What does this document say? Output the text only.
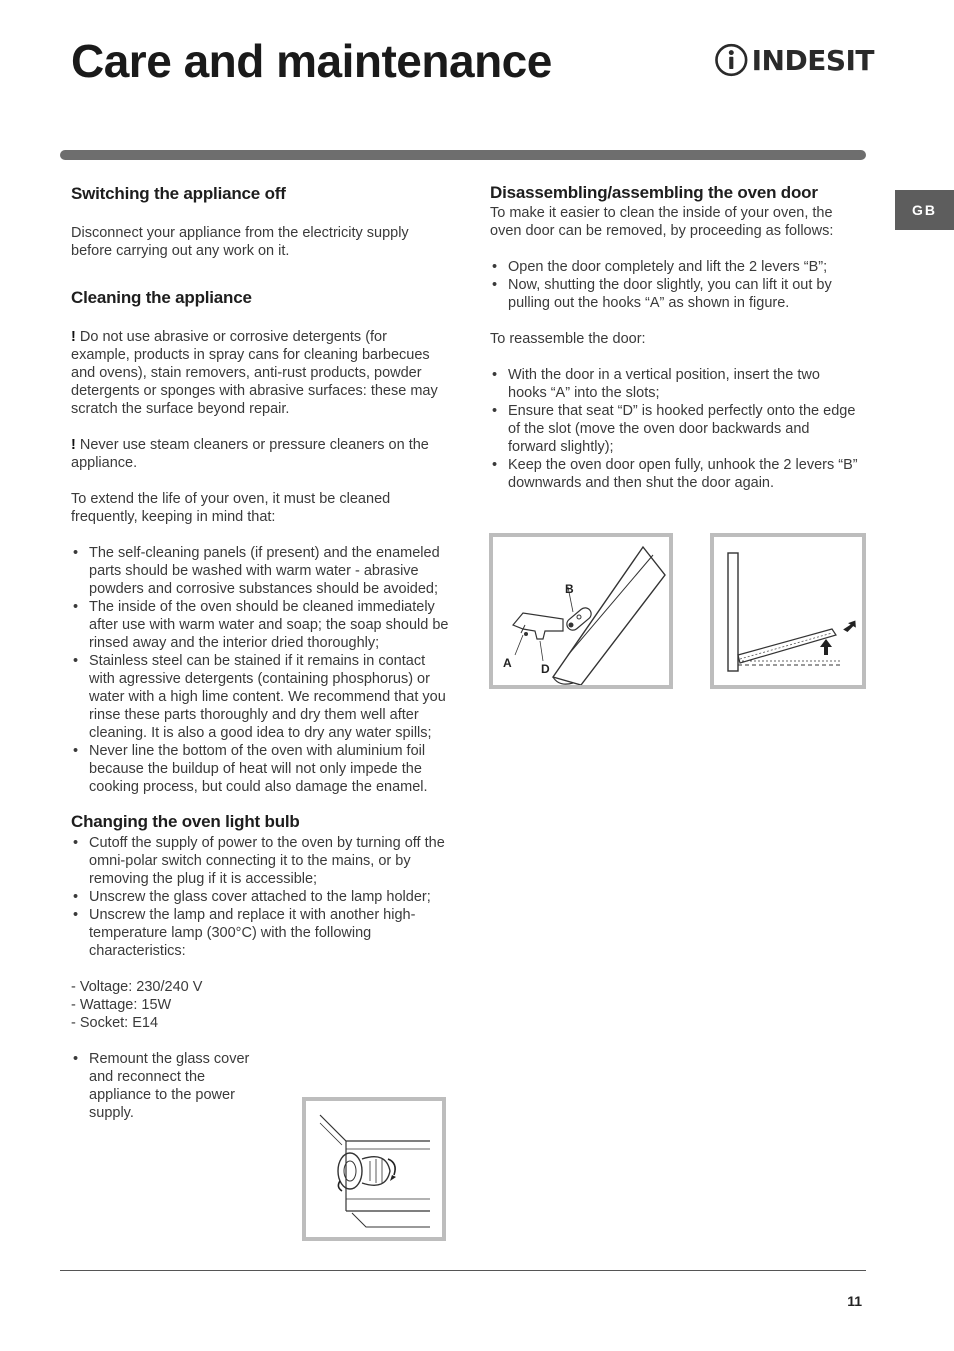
Care and maintenance	INDESIT
GB
Switching the appliance off

Disconnect your appliance from the electricity supply before carrying out any work on it.

Cleaning the appliance

! Do not use abrasive or corrosive detergents (for example, products in spray cans for cleaning barbecues and ovens), stain removers, anti-rust products, powder detergents or sponges with abrasive surfaces: these may scratch the surface beyond repair.

! Never use steam cleaners or pressure cleaners on the appliance.

To extend the life of your oven, it must be cleaned frequently, keeping in mind that:

• The self-cleaning panels (if present) and the enameled parts should be washed with warm water - abrasive powders and corrosive substances should be avoided;
• The inside of the oven should be cleaned immediately after use with warm water and soap; the soap should be rinsed away and the interior dried thoroughly;
• Stainless steel can be stained if it remains in contact with agressive detergents (containing phosphorus) or water with a high lime content. We recommend that you rinse these parts thoroughly and dry them well after cleaning. It is also a good idea to dry any water spills;
• Never line the bottom of the oven with aluminium foil because the buildup of heat will not only impede the cooking process, but could also damage the enamel.
Changing the oven light bulb
• Cutoff the supply of power to the oven by turning off the omni-polar switch connecting it to the mains, or by removing the plug if it is accessible;
• Unscrew the glass cover attached to the lamp holder;
• Unscrew the lamp and replace it with another high-temperature lamp (300°C) with the following characteristics:

- Voltage: 230/240 V

- Wattage: 15W

- Socket: E14

• Remount the glass cover and reconnect the appliance to the power supply.
Disassembling/assembling the oven door

To make it easier to clean the inside of your oven, the oven door can be removed, by proceeding as follows:

• Open the door completely and lift the 2 levers “B”;
• Now, shutting the door slightly, you can lift it out by pulling out the hooks “A” as shown in figure.

To reassemble the door:

• With the door in a vertical position, insert the two hooks “A” into the slots;
• Ensure that seat “D” is hooked perfectly onto the edge of the slot (move the oven door backwards and forward slightly);
• Keep the oven door open fully, unhook the 2 levers “B” downwards and then shut the door again.
B
A D
11
